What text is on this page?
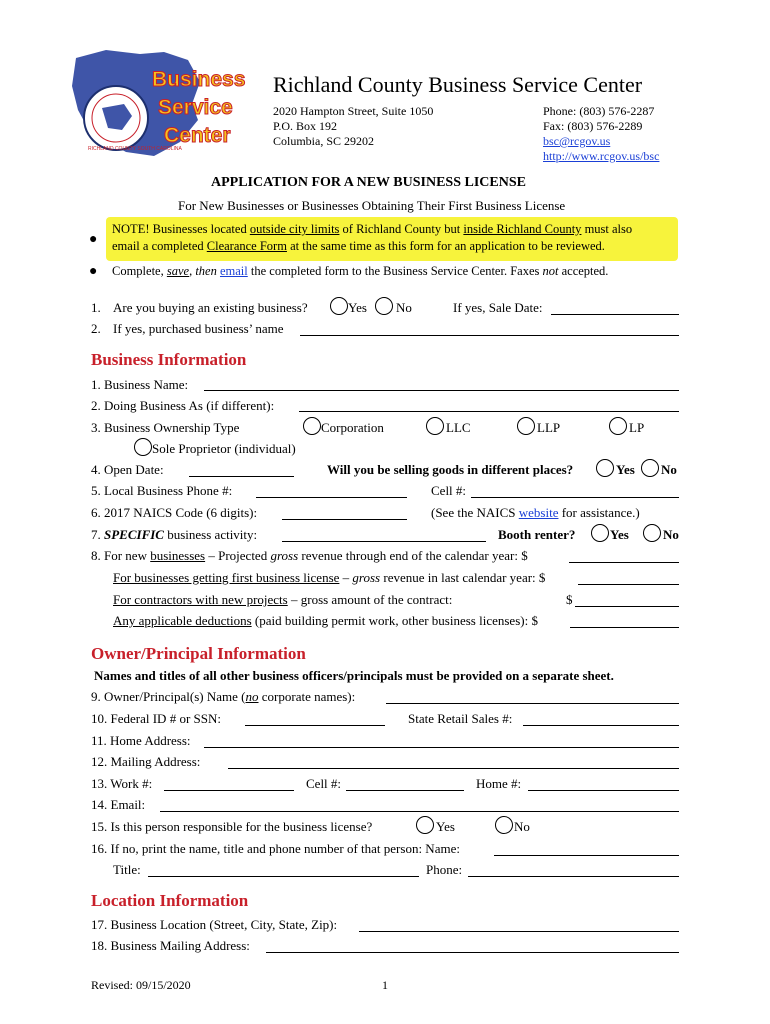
RICHLAND COUNTY SOUTH CAROLINA
Business
Service
Center
Richland County Business Service Center
2020 Hampton Street, Suite 1050
P.O. Box 192
Columbia, SC 29202
Phone: (803) 576-2287
Fax: (803) 576-2289
bsc@rcgov.us
http://www.rcgov.us/bsc
APPLICATION FOR A NEW BUSINESS LICENSE
For New Businesses or Businesses Obtaining Their First Business License
●
NOTE! Businesses located outside city limits of Richland County but inside Richland County must also
email a completed Clearance Form at the same time as this form for an application to be reviewed.
● Complete, save, then email the completed form to the Business Service Center. Faxes not accepted.
1. Are you buying an existing business?	Yes No	If yes, Sale Date:
2. If yes, purchased business’ name
Business Information
1. Business Name:
2. Doing Business As (if different):
3. Business Ownership Type	Corporation	LLC	LLP	LP
Sole Proprietor (individual)
4. Open Date:	Will you be selling goods in different places?	Yes No
5. Local Business Phone #:	Cell #:
6. 2017 NAICS Code (6 digits):	(See the NAICS website for assistance.)
7. SPECIFIC business activity:	Booth renter?	Yes	No
8. For new businesses – Projected gross revenue through end of the calendar year: $
For businesses getting first business license – gross revenue in last calendar year: $
For contractors with new projects – gross amount of the contract:	$
Any applicable deductions (paid building permit work, other business licenses): $
Owner/Principal Information
Names and titles of all other business officers/principals must be provided on a separate sheet.
9. Owner/Principal(s) Name (no corporate names):
10. Federal ID # or SSN:	State Retail Sales #:
11. Home Address:
12. Mailing Address:
13. Work #:	Cell #:	Home #:
14. Email:
15. Is this person responsible for the business license?	Yes	No
16. If no, print the name, title and phone number of that person: Name:
Title:	Phone:
Location Information
17. Business Location (Street, City, State, Zip):
18. Business Mailing Address:
Revised: 09/15/2020	1
